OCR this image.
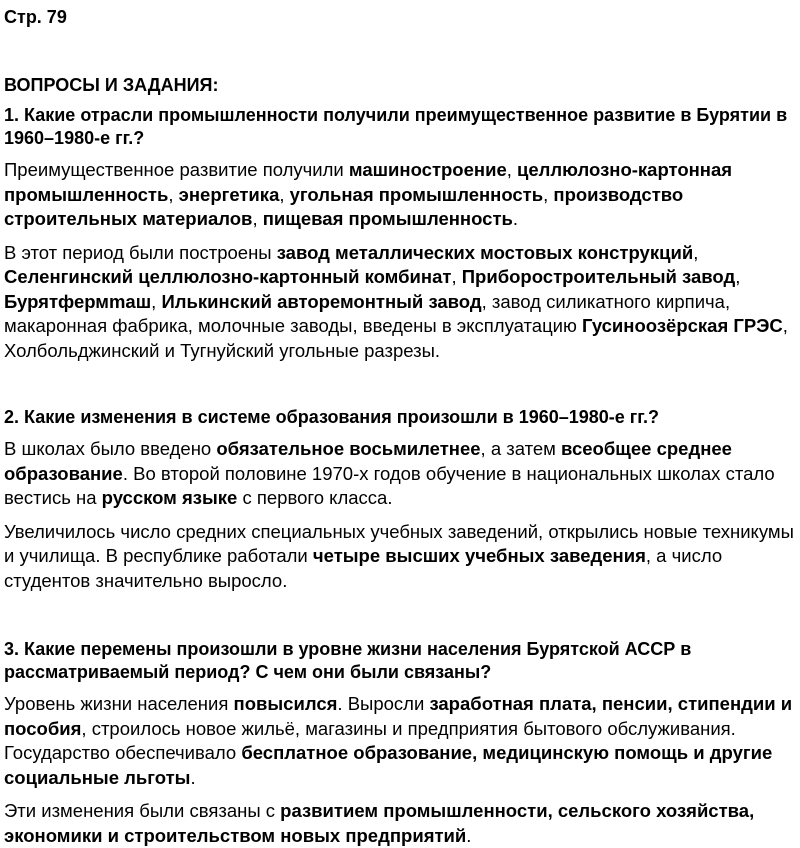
Стр. 79
ВОПРОСЫ И ЗАДАНИЯ:
1. Какие отрасли промышленности получили преимущественное развитие в Бурятии в 1960–1980-е гг.?

Преимущественное развитие получили машиностроение, целлюлозно-картонная промышленность, энергетика, угольная промышленность, производство строительных материалов, пищевая промышленность.

В этот период были построены завод металлических мостовых конструкций, Селенгинский целлюлозно-картонный комбинат, Приборостроительный завод, Бурятфермmаш, Илькинский авторемонтный завод, завод силикатного кирпича, макаронная фабрика, молочные заводы, введены в эксплуатацию Гусиноозёрская ГРЭС, Холбольджинский и Тугнуйский угольные разрезы.

2. Какие изменения в системе образования произошли в 1960–1980-е гг.?

В школах было введено обязательное восьмилетнее, а затем всеобщее среднее образование. Во второй половине 1970-х годов обучение в национальных школах стало вестись на русском языке с первого класса.

Увеличилось число средних специальных учебных заведений, открылись новые техникумы и училища. В республике работали четыре высших учебных заведения, а число студентов значительно выросло.

3. Какие перемены произошли в уровне жизни населения Бурятской АССР в рассматриваемый период? С чем они были связаны?

Уровень жизни населения повысился. Выросли заработная плата, пенсии, стипендии и пособия, строилось новое жильё, магазины и предприятия бытового обслуживания. Государство обеспечивало бесплатное образование, медицинскую помощь и другие социальные льготы.

Эти изменения были связаны с развитием промышленности, сельского хозяйства, экономики и строительством новых предприятий.
